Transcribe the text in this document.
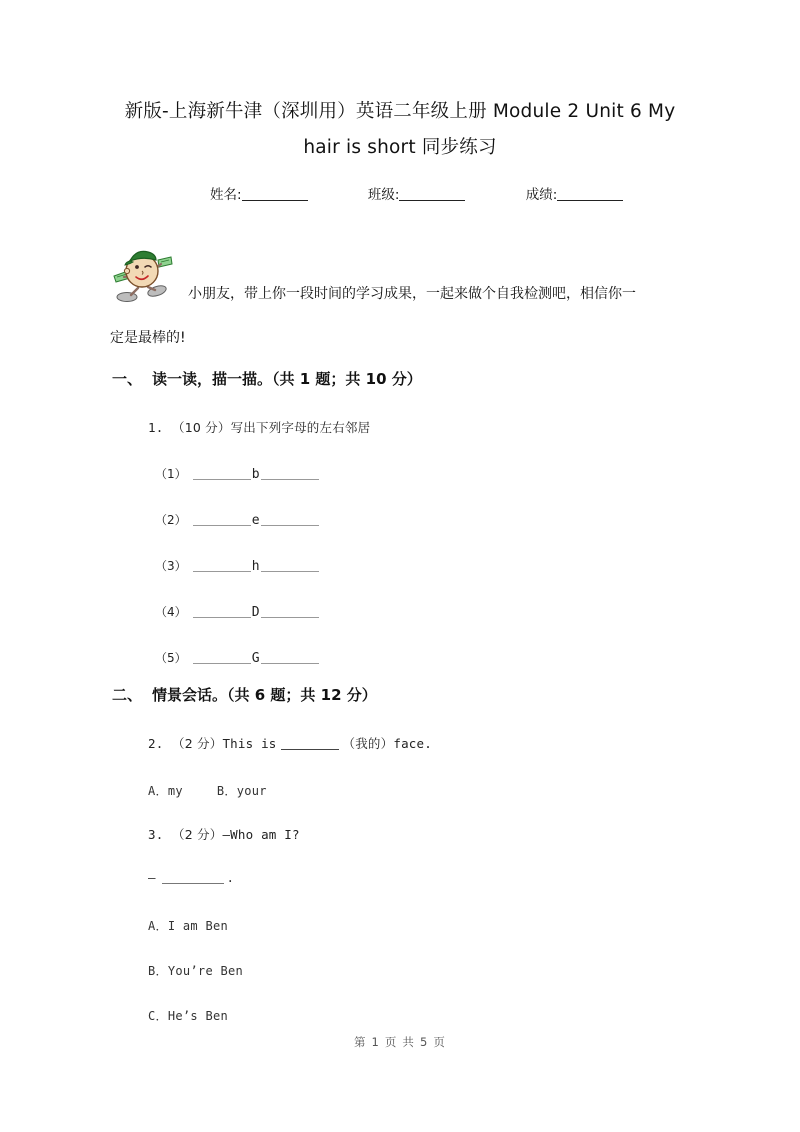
新版-上海新牛津（深圳用）英语二年级上册 Module 2 Unit 6 My
hair is short 同步练习
姓名:	班级:	成绩:
小朋友，带上你一段时间的学习成果，一起来做个自我检测吧，相信你一
定是最棒的!
一、 读一读，描一描。（共 1 题；共 10 分）
1. （10 分）写出下列字母的左右邻居
（1）	b
（2）	e
（3）	h
（4）	D
（5）	G
二、 情景会话。（共 6 题；共 12 分）
2. （2 分）This is	（我的）face.
A．my	B．your
3. （2 分）—Who am I?
—	.
A．I am Ben
B．You’re Ben
C．He’s Ben
第 1 页 共 5 页
